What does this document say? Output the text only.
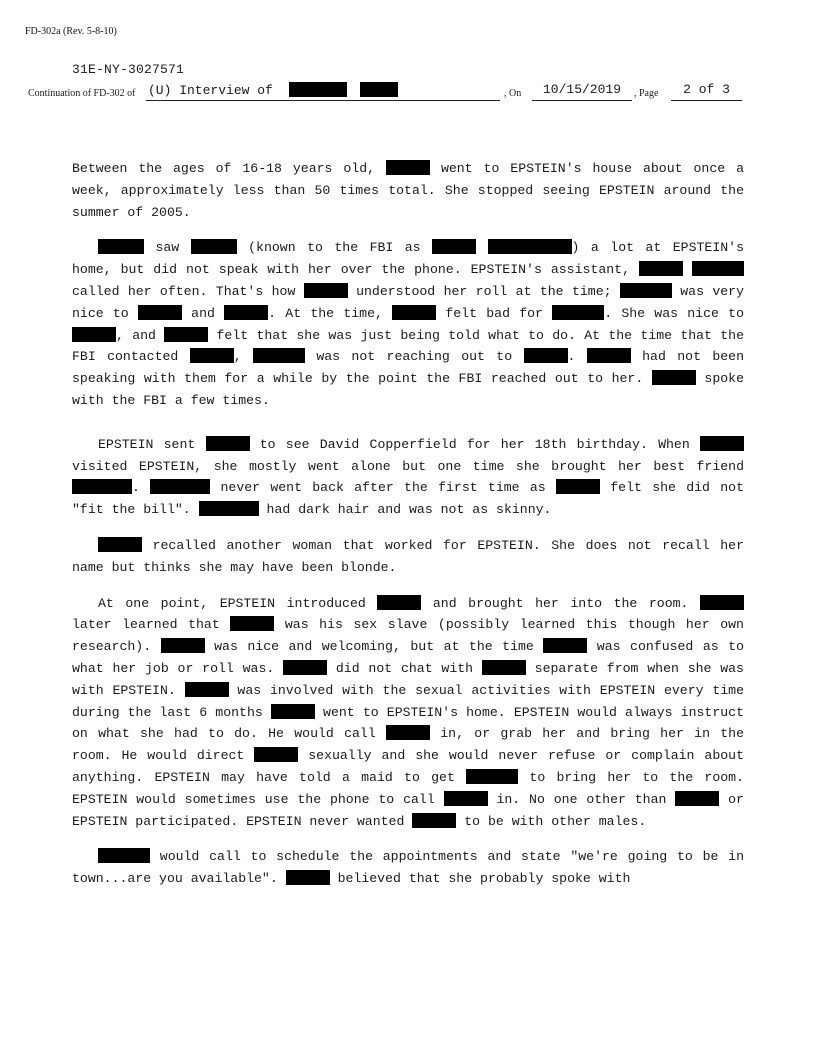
FD-302a (Rev. 5-8-10)
31E-NY-3027571
Continuation of FD-302 of (U) Interview of	, On	10/15/2019	, Page	2 of 3

Between the ages of 16-18 years old,	went to EPSTEIN's house about once a week, approximately less than 50 times total. She stopped seeing EPSTEIN around the summer of 2005.

saw	(known to the FBI as	) a lot at EPSTEIN's home, but did not speak with her over the phone. EPSTEIN's assistant,   called her often. That's how	understood her roll at the time;	was very nice to	and	. At the time,	felt bad for	. She was nice to , and	felt that she was just being told what to do. At the time that the FBI contacted	,	was not reaching out to	.	had not been speaking with them for a while by the point the FBI reached out to her.	spoke with the FBI a few times.

EPSTEIN sent	to see David Copperfield for her 18th birthday. When  visited EPSTEIN, she mostly went alone but one time she brought her best friend .	never went back after the first time as	felt she did not "fit the bill".	had dark hair and was not as skinny.

recalled another woman that worked for EPSTEIN. She does not recall her name but thinks she may have been blonde.

At one point, EPSTEIN introduced	and brought her into the room.  later learned that	was his sex slave (possibly learned this though her own research).	was nice and welcoming, but at the time	was confused as to what her job or roll was.	did not chat with	separate from when she was with EPSTEIN.	was involved with the sexual activities with EPSTEIN every time during the last 6 months	went to EPSTEIN's home. EPSTEIN would always instruct on what she had to do. He would call	in, or grab her and bring her in the room. He would direct	sexually and she would never refuse or complain about anything. EPSTEIN may have told a maid to get	to bring her to the room. EPSTEIN would sometimes use the phone to call	in. No one other than	or EPSTEIN participated. EPSTEIN never wanted	to be with other males.

would call to schedule the appointments and state "we're going to be in town...are you available".	believed that she probably spoke with
